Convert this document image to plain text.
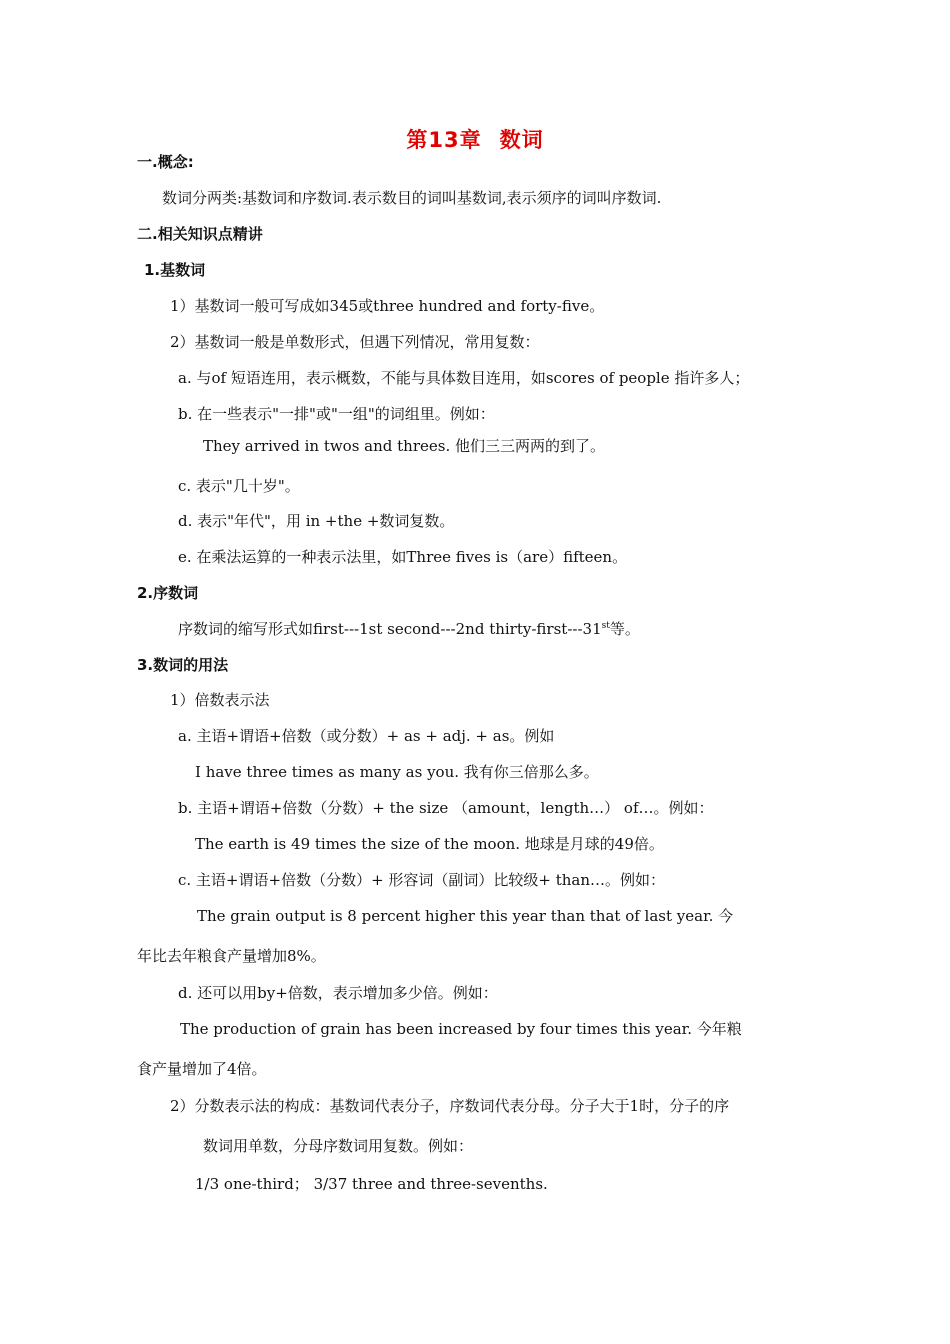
第13章 数词
一.概念:
数词分两类:基数词和序数词.表示数目的词叫基数词,表示须序的词叫序数词.
二.相关知识点精讲
1.基数词
1）基数词一般可写成如345或three hundred and forty-five。
2）基数词一般是单数形式，但遇下列情况，常用复数：
a. 与of 短语连用，表示概数，不能与具体数目连用，如scores of people 指许多人；
b. 在一些表示"一排"或"一组"的词组里。例如：
They arrived in twos and threes. 他们三三两两的到了。
c. 表示"几十岁"。
d. 表示"年代"，用 in +the +数词复数。
e. 在乘法运算的一种表示法里，如Three fives is（are）fifteen。
2.序数词
序数词的缩写形式如first---1st second---2nd thirty-first---31st等。
3.数词的用法
1）倍数表示法
a. 主语+谓语+倍数（或分数）+ as + adj. + as。例如
I have three times as many as you. 我有你三倍那么多。
b. 主语+谓语+倍数（分数）+ the size （amount，length…） of…。例如：
The earth is 49 times the size of the moon. 地球是月球的49倍。
c. 主语+谓语+倍数（分数）+ 形容词（副词）比较级+ than…。例如：
The grain output is 8 percent higher this year than that of last year. 今
年比去年粮食产量增加8%。
d. 还可以用by+倍数，表示增加多少倍。例如：
The production of grain has been increased by four times this year. 今年粮
食产量增加了4倍。
2）分数表示法的构成：基数词代表分子，序数词代表分母。分子大于1时，分子的序
数词用单数，分母序数词用复数。例如：
1/3 one-third； 3/37 three and three-sevenths.
